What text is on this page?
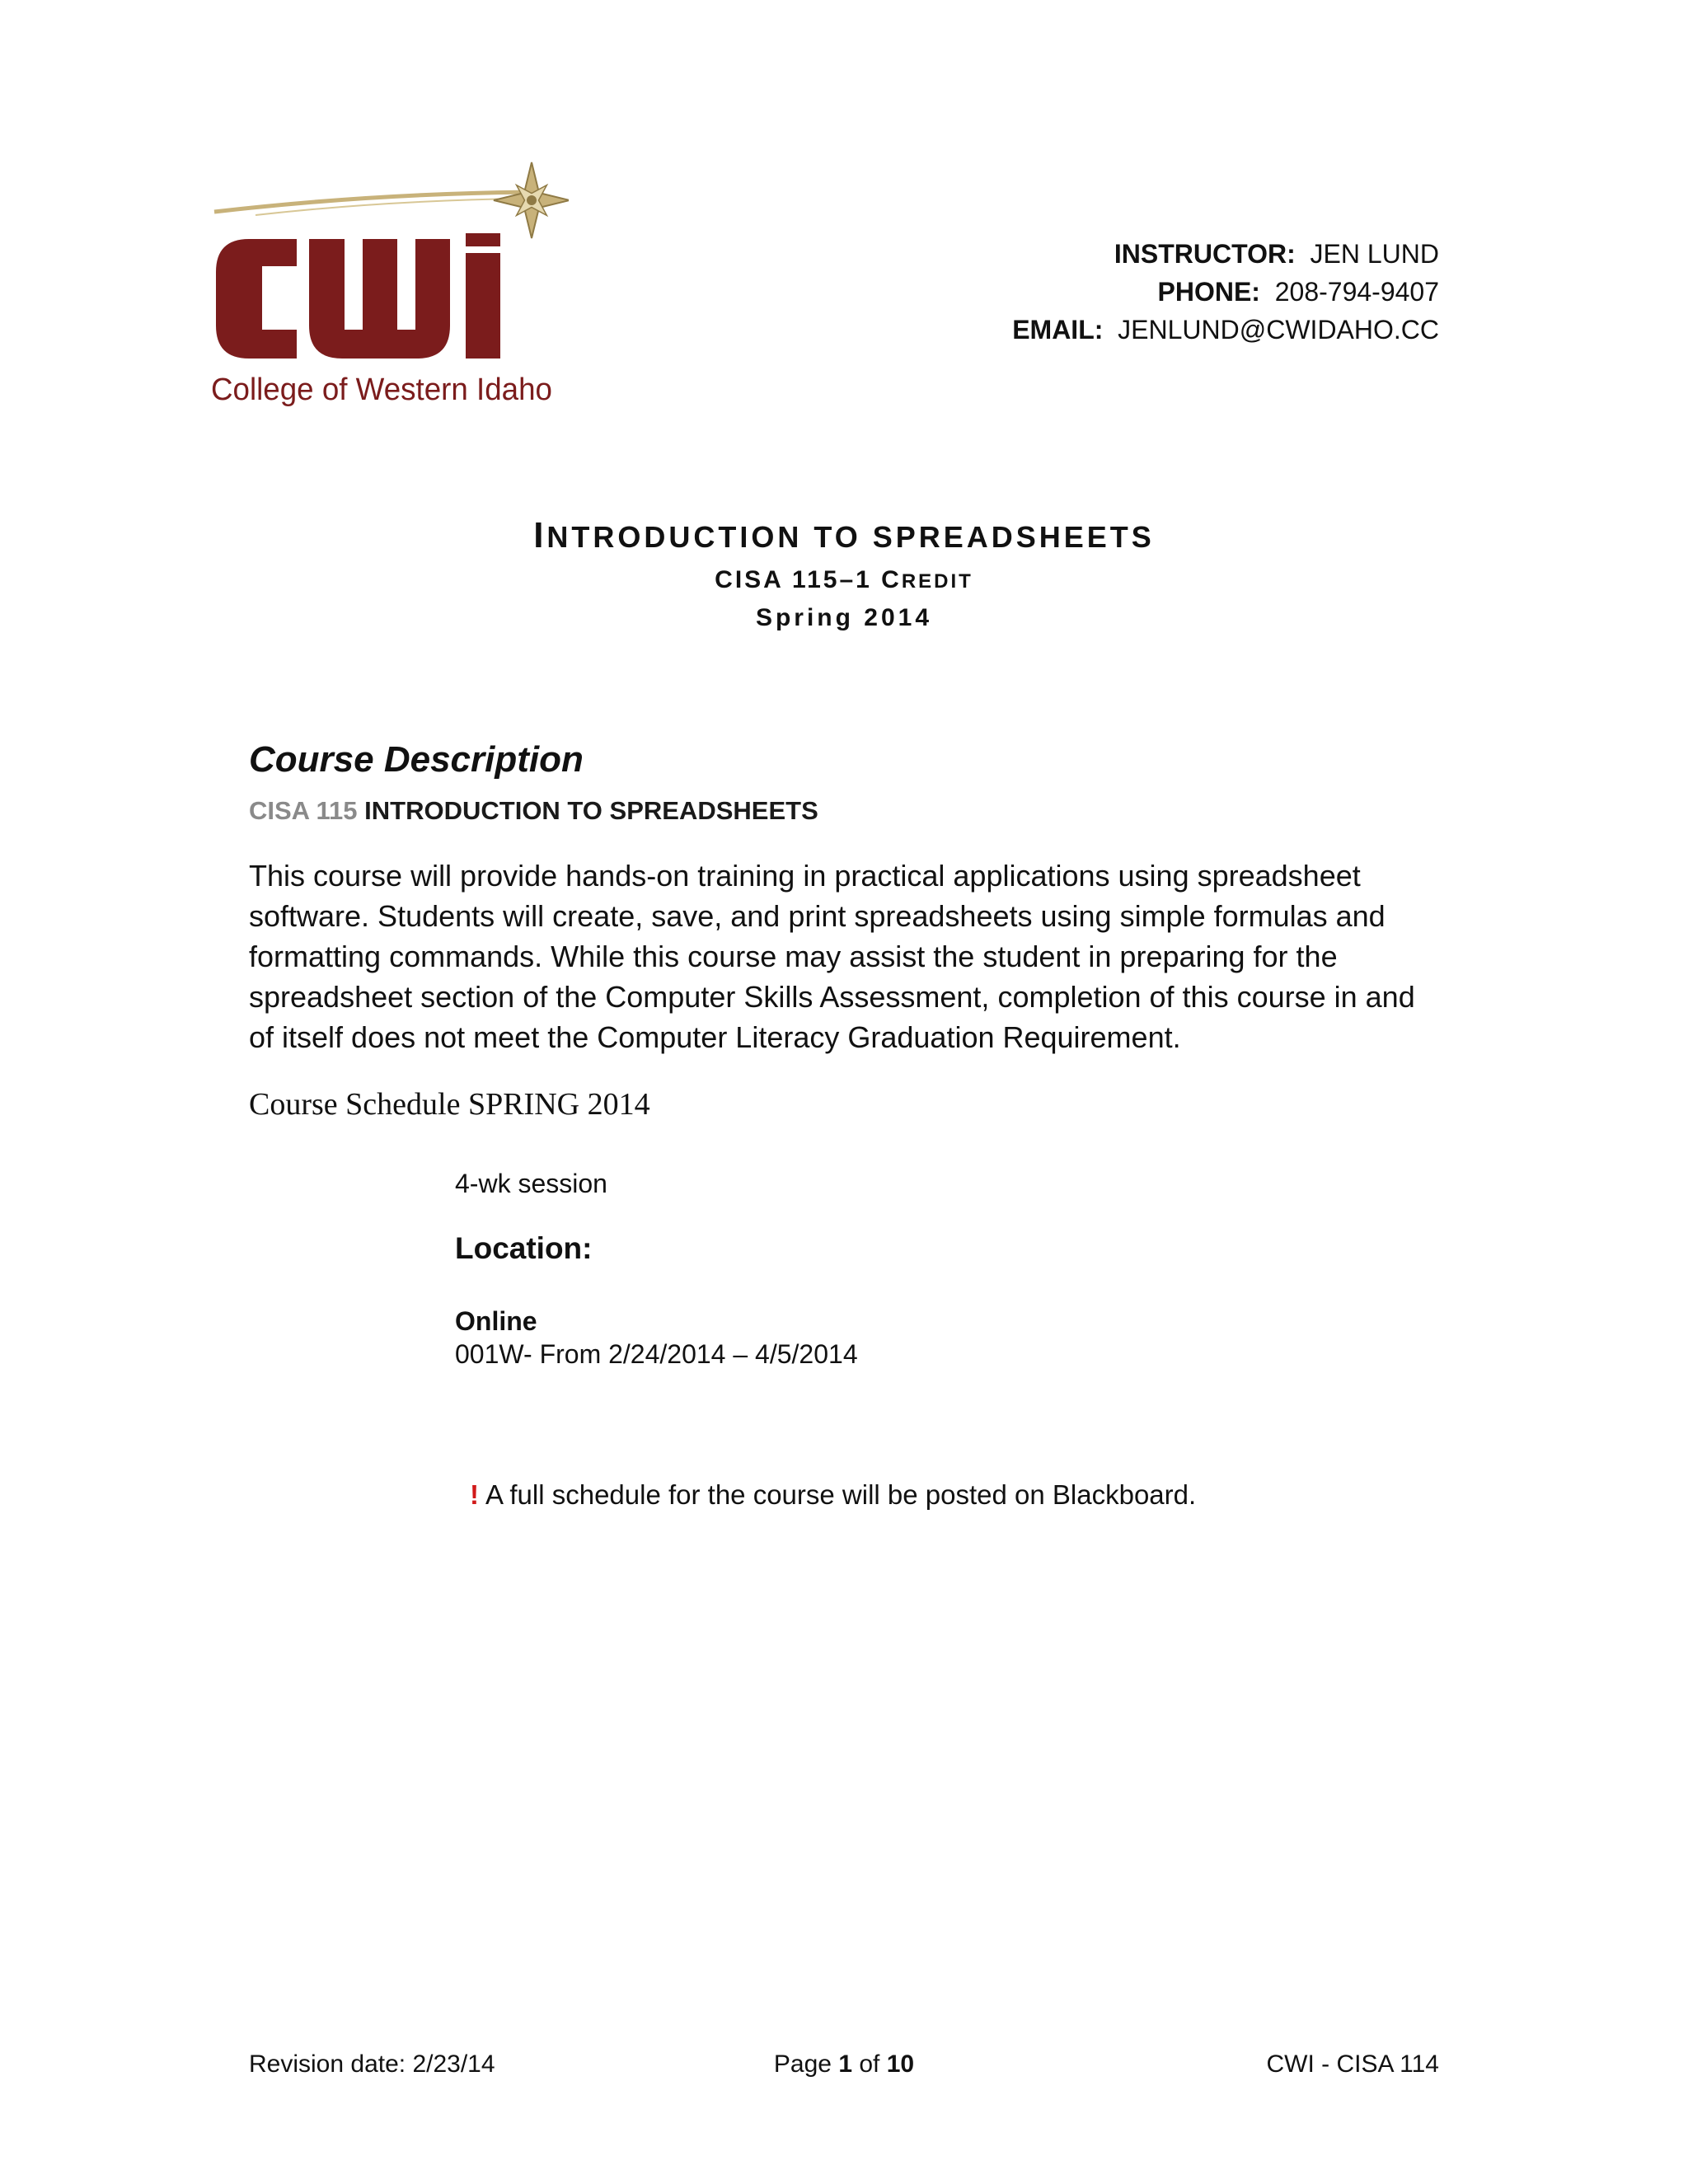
College of Western Idaho
INSTRUCTOR: JEN LUND
PHONE: 208-794-9407
EMAIL: JENLUND@CWIDAHO.CC
INTRODUCTION TO SPREADSHEETS
CISA 115–1 CREDIT
Spring 2014
Course Description
CISA 115 INTRODUCTION TO SPREADSHEETS
This course will provide hands-on training in practical applications using spreadsheet
software. Students will create, save, and print spreadsheets using simple formulas and
formatting commands. While this course may assist the student in preparing for the
spreadsheet section of the Computer Skills Assessment, completion of this course in and
of itself does not meet the Computer Literacy Graduation Requirement.
Course Schedule SPRING 2014
4-wk session
Location:
Online
001W- From 2/24/2014 – 4/5/2014
! A full schedule for the course will be posted on Blackboard.
Revision date: 2/23/14	Page 1 of 10	CWI - CISA 114
